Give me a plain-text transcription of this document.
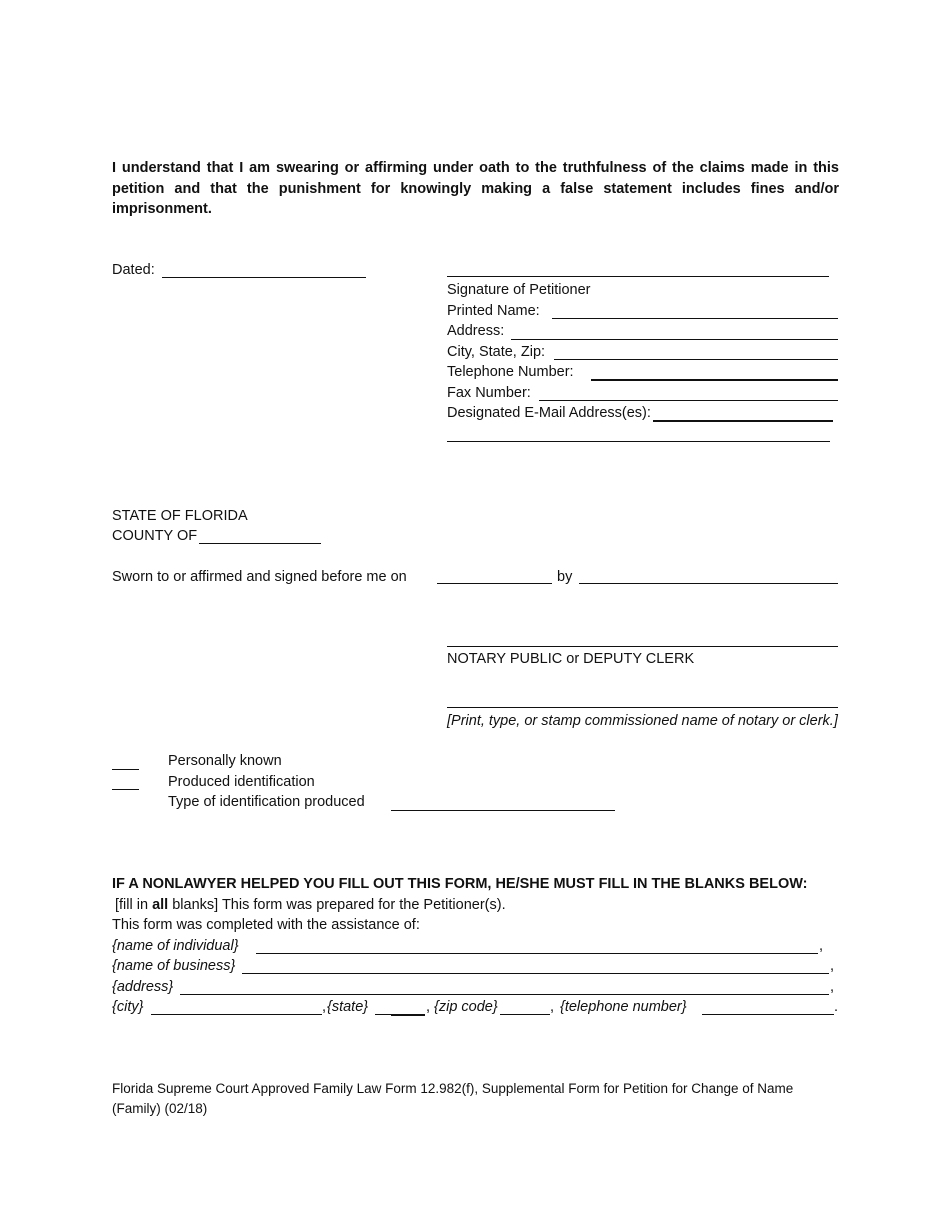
I understand that I am swearing or affirming under oath to the truthfulness of the claims made in this petition and that the punishment for knowingly making a false statement includes fines and/or imprisonment.
Dated:
Signature of Petitioner
Printed Name:
Address:
City, State, Zip:
Telephone Number:
Fax Number:
Designated E-Mail Address(es):
STATE OF FLORIDA
COUNTY OF
Sworn to or affirmed and signed before me on	by
NOTARY PUBLIC or DEPUTY CLERK
[Print, type, or stamp commissioned name of notary or clerk.]
Personally known
Produced identification
Type of identification produced
IF A NONLAWYER HELPED YOU FILL OUT THIS FORM, HE/SHE MUST FILL IN THE BLANKS BELOW:
[fill in all blanks] This form was prepared for the Petitioner(s).
This form was completed with the assistance of:
{name of individual}	,
{name of business}	,
{address}	,
{city}	, {state}	, {zip code}	, {telephone number}	.
Florida Supreme Court Approved Family Law Form 12.982(f), Supplemental Form for Petition for Change of Name (Family) (02/18)
